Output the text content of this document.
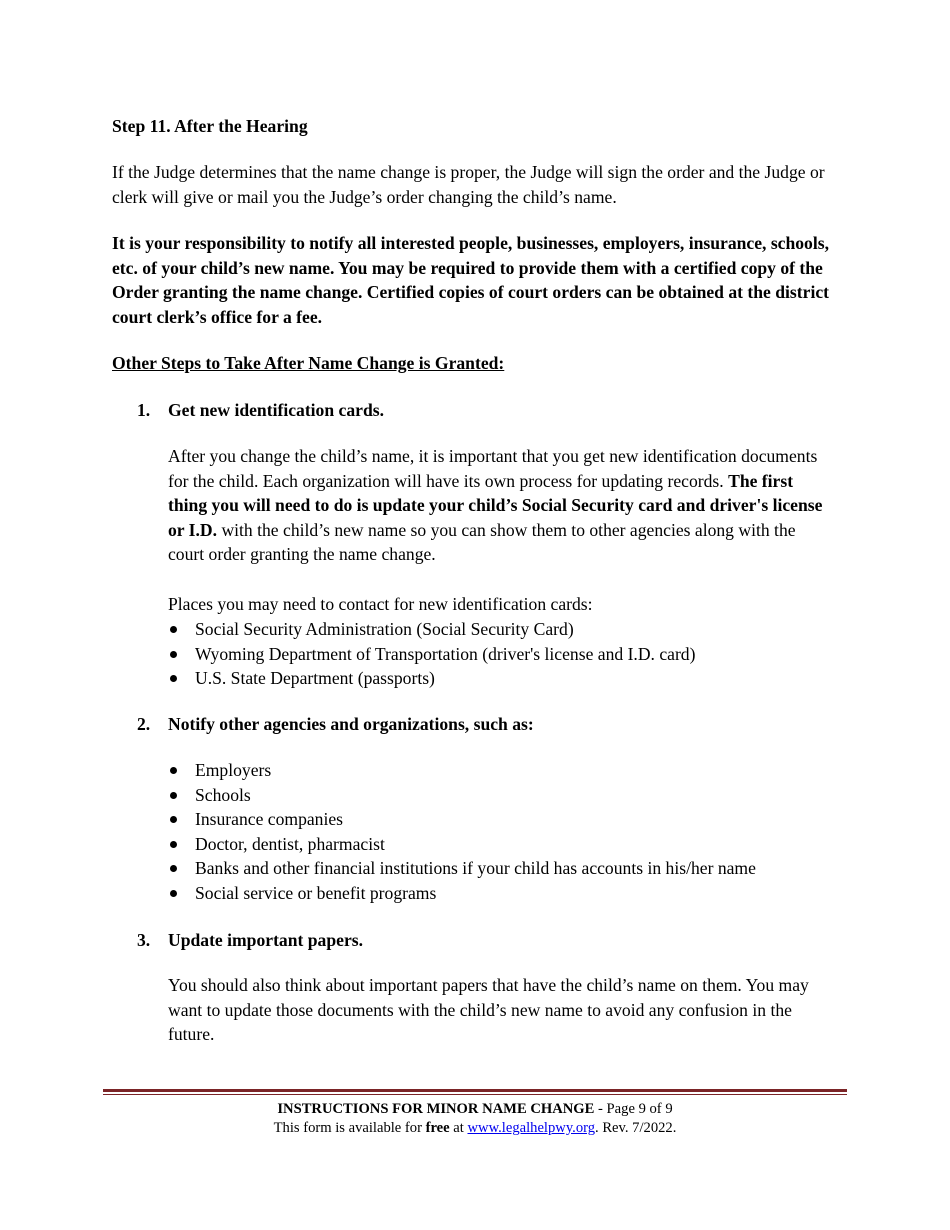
Step 11. After the Hearing
If the Judge determines that the name change is proper, the Judge will sign the order and the Judge or clerk will give or mail you the Judge’s order changing the child’s name.
It is your responsibility to notify all interested people, businesses, employers, insurance, schools, etc. of your child’s new name. You may be required to provide them with a certified copy of the Order granting the name change. Certified copies of court orders can be obtained at the district court clerk’s office for a fee.
Other Steps to Take After Name Change is Granted:
1. Get new identification cards.
After you change the child’s name, it is important that you get new identification documents for the child. Each organization will have its own process for updating records. The first thing you will need to do is update your child’s Social Security card and driver's license or I.D. with the child’s new name so you can show them to other agencies along with the court order granting the name change.
Places you may need to contact for new identification cards:
Social Security Administration (Social Security Card)
Wyoming Department of Transportation (driver's license and I.D. card)
U.S. State Department (passports)
2. Notify other agencies and organizations, such as:
Employers
Schools
Insurance companies
Doctor, dentist, pharmacist
Banks and other financial institutions if your child has accounts in his/her name
Social service or benefit programs
3. Update important papers.
You should also think about important papers that have the child’s name on them. You may want to update those documents with the child’s new name to avoid any confusion in the future.
INSTRUCTIONS FOR MINOR NAME CHANGE - Page 9 of 9
This form is available for free at www.legalhelpwy.org. Rev. 7/2022.
